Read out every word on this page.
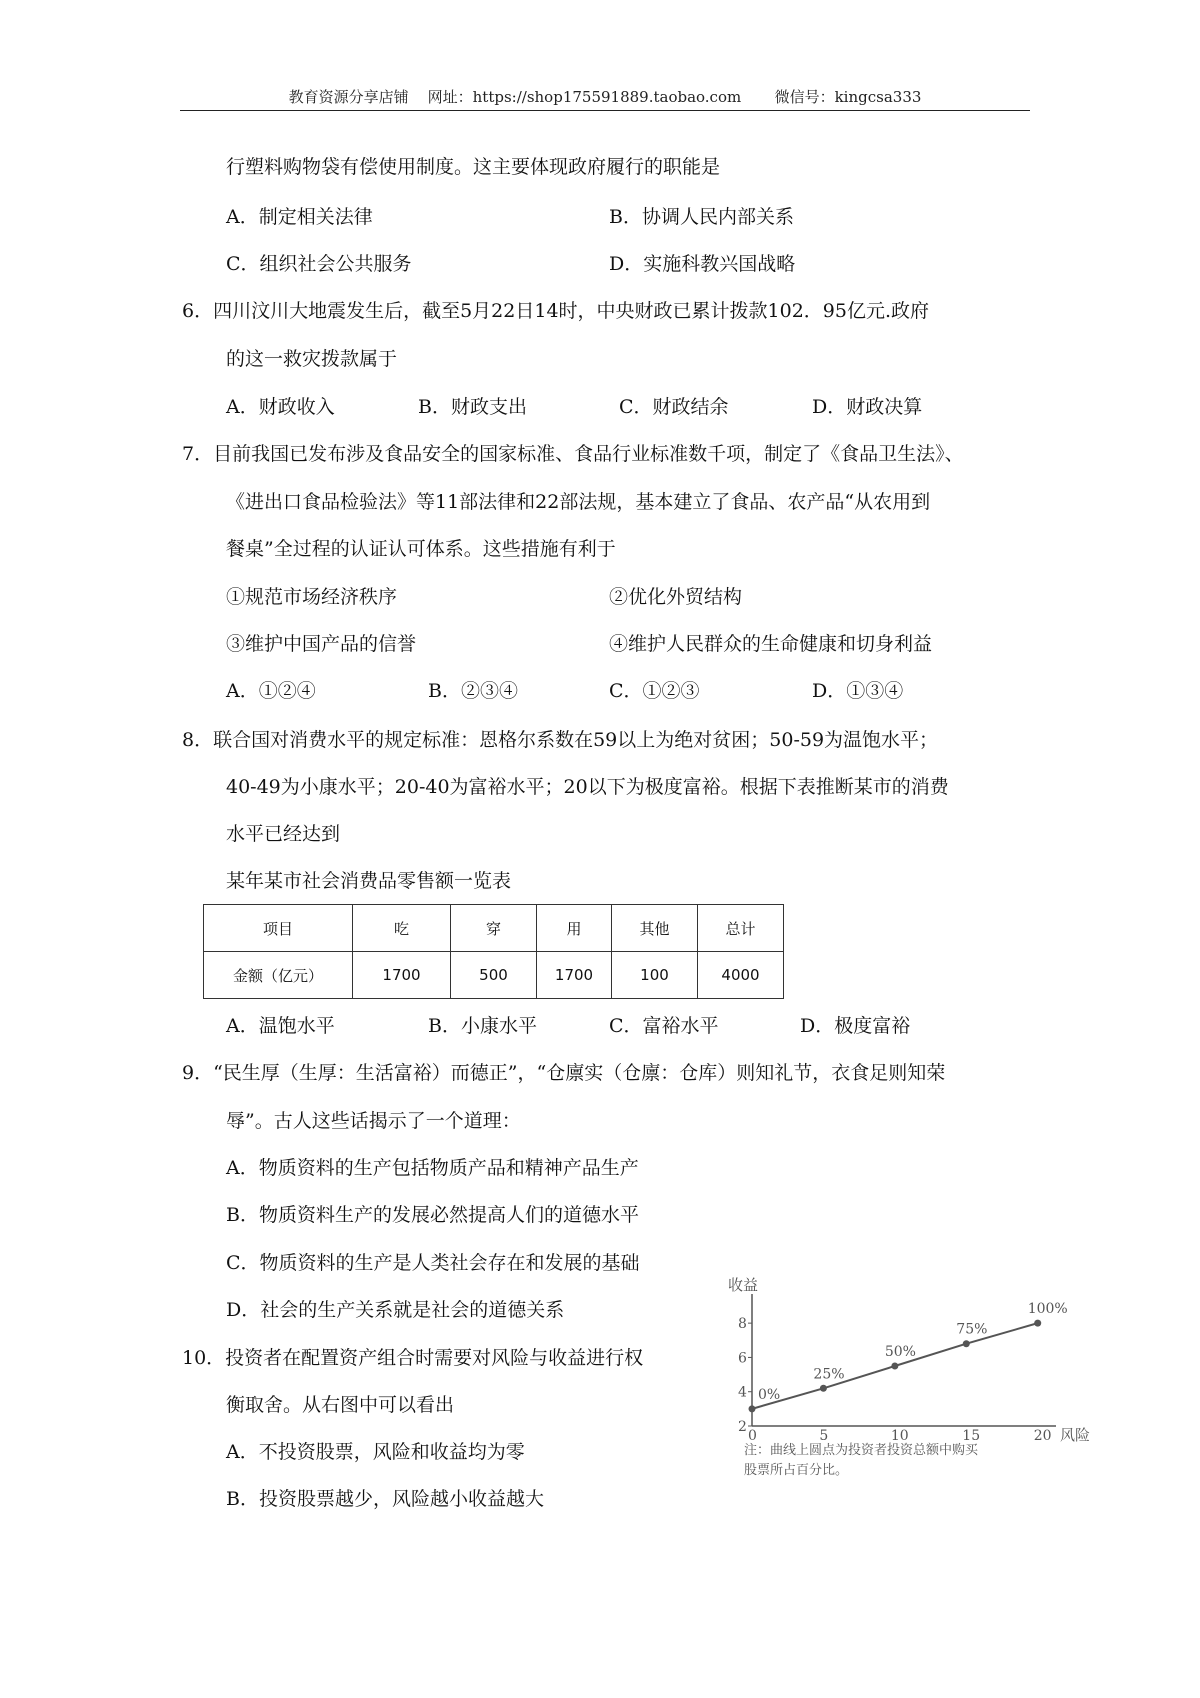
教育资源分享店铺    网址：https://shop175591889.taobao.com       微信号：kingcsa333
行塑料购物袋有偿使用制度。这主要体现政府履行的职能是
A．制定相关法律	B．协调人民内部关系
C．组织社会公共服务	D．实施科教兴国战略
6．四川汶川大地震发生后，截至5月22日14时，中央财政已累计拨款102．95亿元.政府
的这一救灾拨款属于
A．财政收入	B．财政支出	C．财政结余	D．财政决算
7．目前我国已发布涉及食品安全的国家标准、食品行业标准数千项，制定了《食品卫生法》、
《进出口食品检验法》等11部法律和22部法规，基本建立了食品、农产品“从农用到
餐桌”全过程的认证认可体系。这些措施有利于
①规范市场经济秩序	②优化外贸结构
③维护中国产品的信誉	④维护人民群众的生命健康和切身利益
A．①②④	B．②③④	C．①②③	D．①③④
8．联合国对消费水平的规定标准：恩格尔系数在59以上为绝对贫困；50-59为温饱水平；
40-49为小康水平；20-40为富裕水平；20以下为极度富裕。根据下表推断某市的消费
水平已经达到
某年某市社会消费品零售额一览表
项目	吃	穿	用	其他	总计
金额（亿元）	1700	500	1700	100	4000
A．温饱水平	B．小康水平	C．富裕水平	D．极度富裕
9．“民生厚（生厚：生活富裕）而德正”，“仓廪实（仓廪：仓库）则知礼节，衣食足则知荣
辱”。古人这些话揭示了一个道理：
A．物质资料的生产包括物质产品和精神产品生产
B．物质资料生产的发展必然提高人们的道德水平
C．物质资料的生产是人类社会存在和发展的基础
D．社会的生产关系就是社会的道德关系
10．投资者在配置资产组合时需要对风险与收益进行权
衡取舍。从右图中可以看出
A．不投资股票，风险和收益均为零
B．投资股票越少，风险越小收益越大
收益
风险
0	5	10	15	20
2
4
6
8
0%
25%
50%
75%
100%
注：曲线上圆点为投资者投资总额中购买
股票所占百分比。
